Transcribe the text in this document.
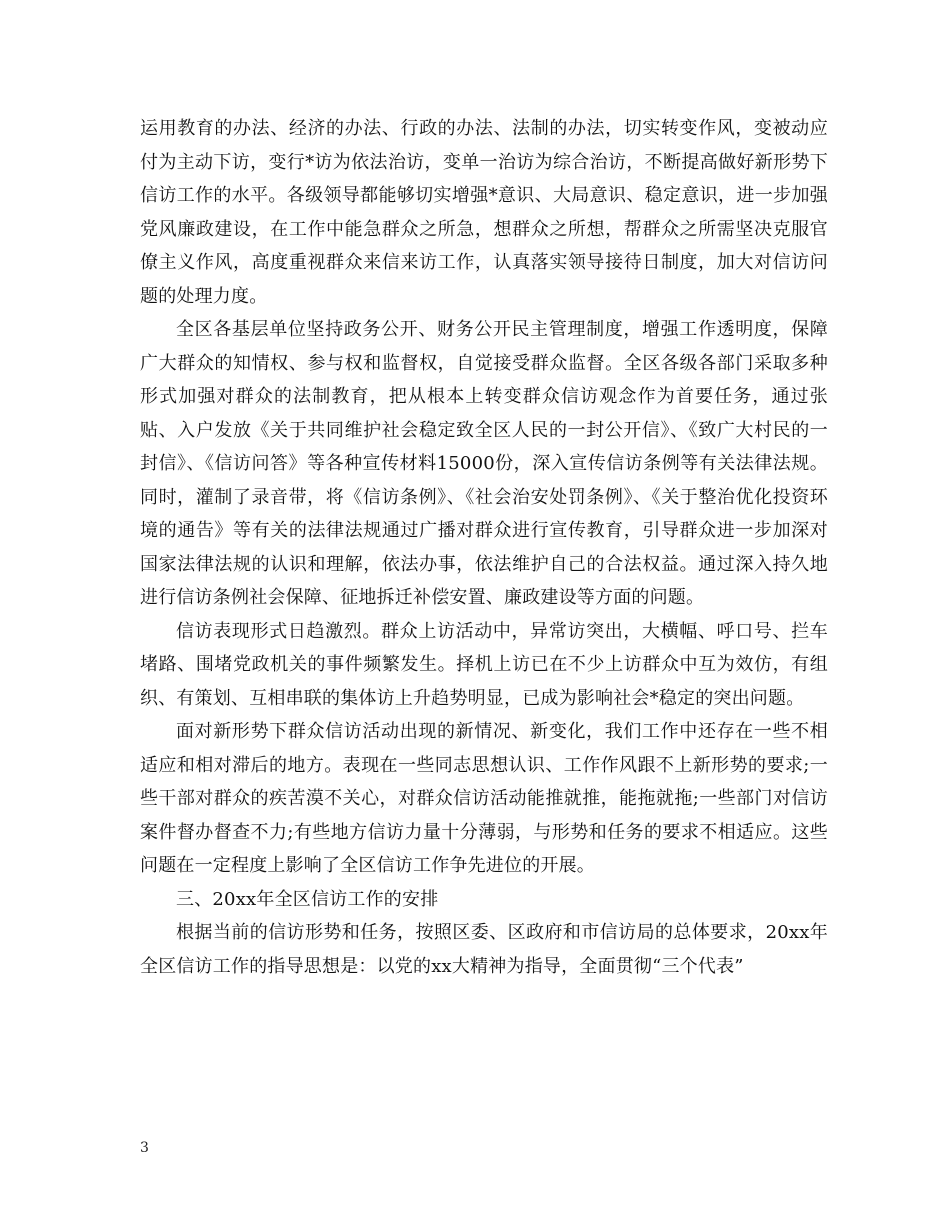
运用教育的办法、经济的办法、行政的办法、法制的办法，切实转变作风，变被动应付为主动下访，变行*访为依法治访，变单一治访为综合治访，不断提高做好新形势下信访工作的水平。各级领导都能够切实增强*意识、大局意识、稳定意识，进一步加强党风廉政建设，在工作中能急群众之所急，想群众之所想，帮群众之所需坚决克服官僚主义作风，高度重视群众来信来访工作，认真落实领导接待日制度，加大对信访问题的处理力度。

全区各基层单位坚持政务公开、财务公开民主管理制度，增强工作透明度，保障广大群众的知情权、参与权和监督权，自觉接受群众监督。全区各级各部门采取多种形式加强对群众的法制教育，把从根本上转变群众信访观念作为首要任务，通过张贴、入户发放《关于共同维护社会稳定致全区人民的一封公开信》、《致广大村民的一封信》、《信访问答》等各种宣传材料15000份，深入宣传信访条例等有关法律法规。同时，灌制了录音带，将《信访条例》、《社会治安处罚条例》、《关于整治优化投资环境的通告》等有关的法律法规通过广播对群众进行宣传教育，引导群众进一步加深对国家法律法规的认识和理解，依法办事，依法维护自己的合法权益。通过深入持久地进行信访条例社会保障、征地拆迁补偿安置、廉政建设等方面的问题。

信访表现形式日趋激烈。群众上访活动中，异常访突出，大横幅、呼口号、拦车堵路、围堵党政机关的事件频繁发生。择机上访已在不少上访群众中互为效仿，有组织、有策划、互相串联的集体访上升趋势明显，已成为影响社会*稳定的突出问题。

面对新形势下群众信访活动出现的新情况、新变化，我们工作中还存在一些不相适应和相对滞后的地方。表现在一些同志思想认识、工作作风跟不上新形势的要求;一些干部对群众的疾苦漠不关心，对群众信访活动能推就推，能拖就拖;一些部门对信访案件督办督查不力;有些地方信访力量十分薄弱，与形势和任务的要求不相适应。这些问题在一定程度上影响了全区信访工作争先进位的开展。

三、20xx年全区信访工作的安排

根据当前的信访形势和任务，按照区委、区政府和市信访局的总体要求，20xx年全区信访工作的指导思想是：以党的xx大精神为指导，全面贯彻“三个代表”

3
